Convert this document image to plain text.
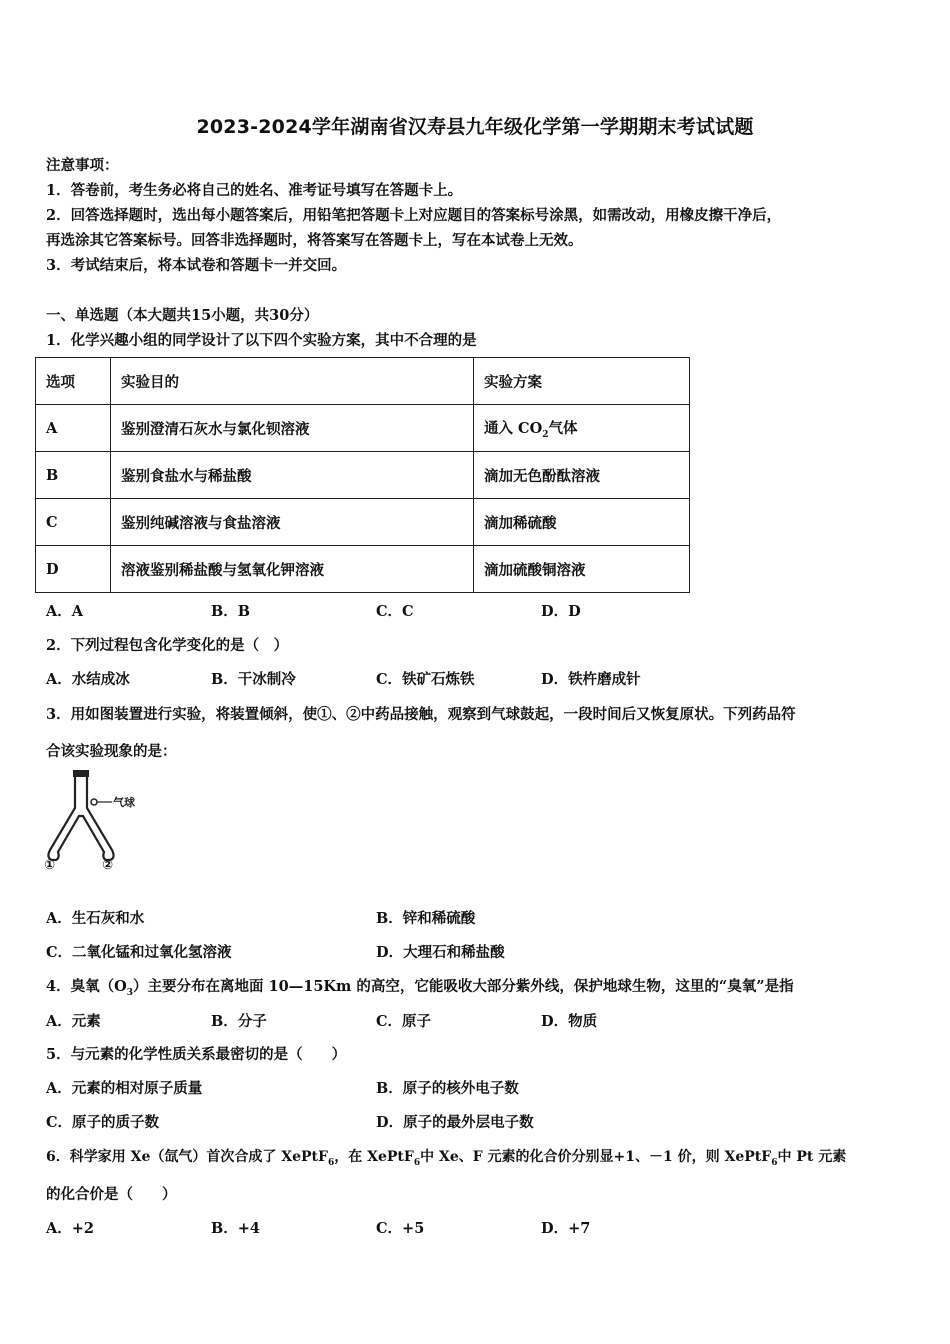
2023-2024学年湖南省汉寿县九年级化学第一学期期末考试试题
注意事项：
1．答卷前，考生务必将自己的姓名、准考证号填写在答题卡上。
2．回答选择题时，选出每小题答案后，用铅笔把答题卡上对应题目的答案标号涂黑，如需改动，用橡皮擦干净后，
再选涂其它答案标号。回答非选择题时，将答案写在答题卡上，写在本试卷上无效。
3．考试结束后，将本试卷和答题卡一并交回。
一、单选题（本大题共15小题，共30分）
1．化学兴趣小组的同学设计了以下四个实验方案，其中不合理的是
选项	实验目的	实验方案
A	鉴别澄清石灰水与氯化钡溶液	通入 $CO_2$气体
B	鉴别食盐水与稀盐酸	滴加无色酚酞溶液
C	鉴别纯碱溶液与食盐溶液	滴加稀硫酸
D	溶液鉴别稀盐酸与氢氧化钾溶液	滴加硫酸铜溶液
A．A	B．B	C．C	D．D
2．下列过程包含化学变化的是（　）
A．水结成冰	B．干冰制冷	C．铁矿石炼铁	D．铁杵磨成针
3．用如图装置进行实验，将装置倾斜，使①、②中药品接触，观察到气球鼓起，一段时间后又恢复原状。下列药品符
合该实验现象的是：
气球
①	②
A．生石灰和水	B．锌和稀硫酸
C．二氧化锰和过氧化氢溶液	D．大理石和稀盐酸
4．臭氧$(O_3)$主要分布在离地面 10—15Km 的高空，它能吸收大部分紫外线，保护地球生物，这里的“臭氧”是指
A．元素	B．分子	C．原子	D．物质
5．与元素的化学性质关系最密切的是（　　）
A．元素的相对原子质量	B．原子的核外电子数
C．原子的质子数	D．原子的最外层电子数
6．科学家用 Xe（氙气）首次合成了 XePtF$_6$，在 XePtF$_6$中 Xe、F 元素的化合价分别显+1、－1 价，则 XePtF$_6$中 Pt 元素
的化合价是（　　）
A．+2	B．+4	C．+5	D．+7
